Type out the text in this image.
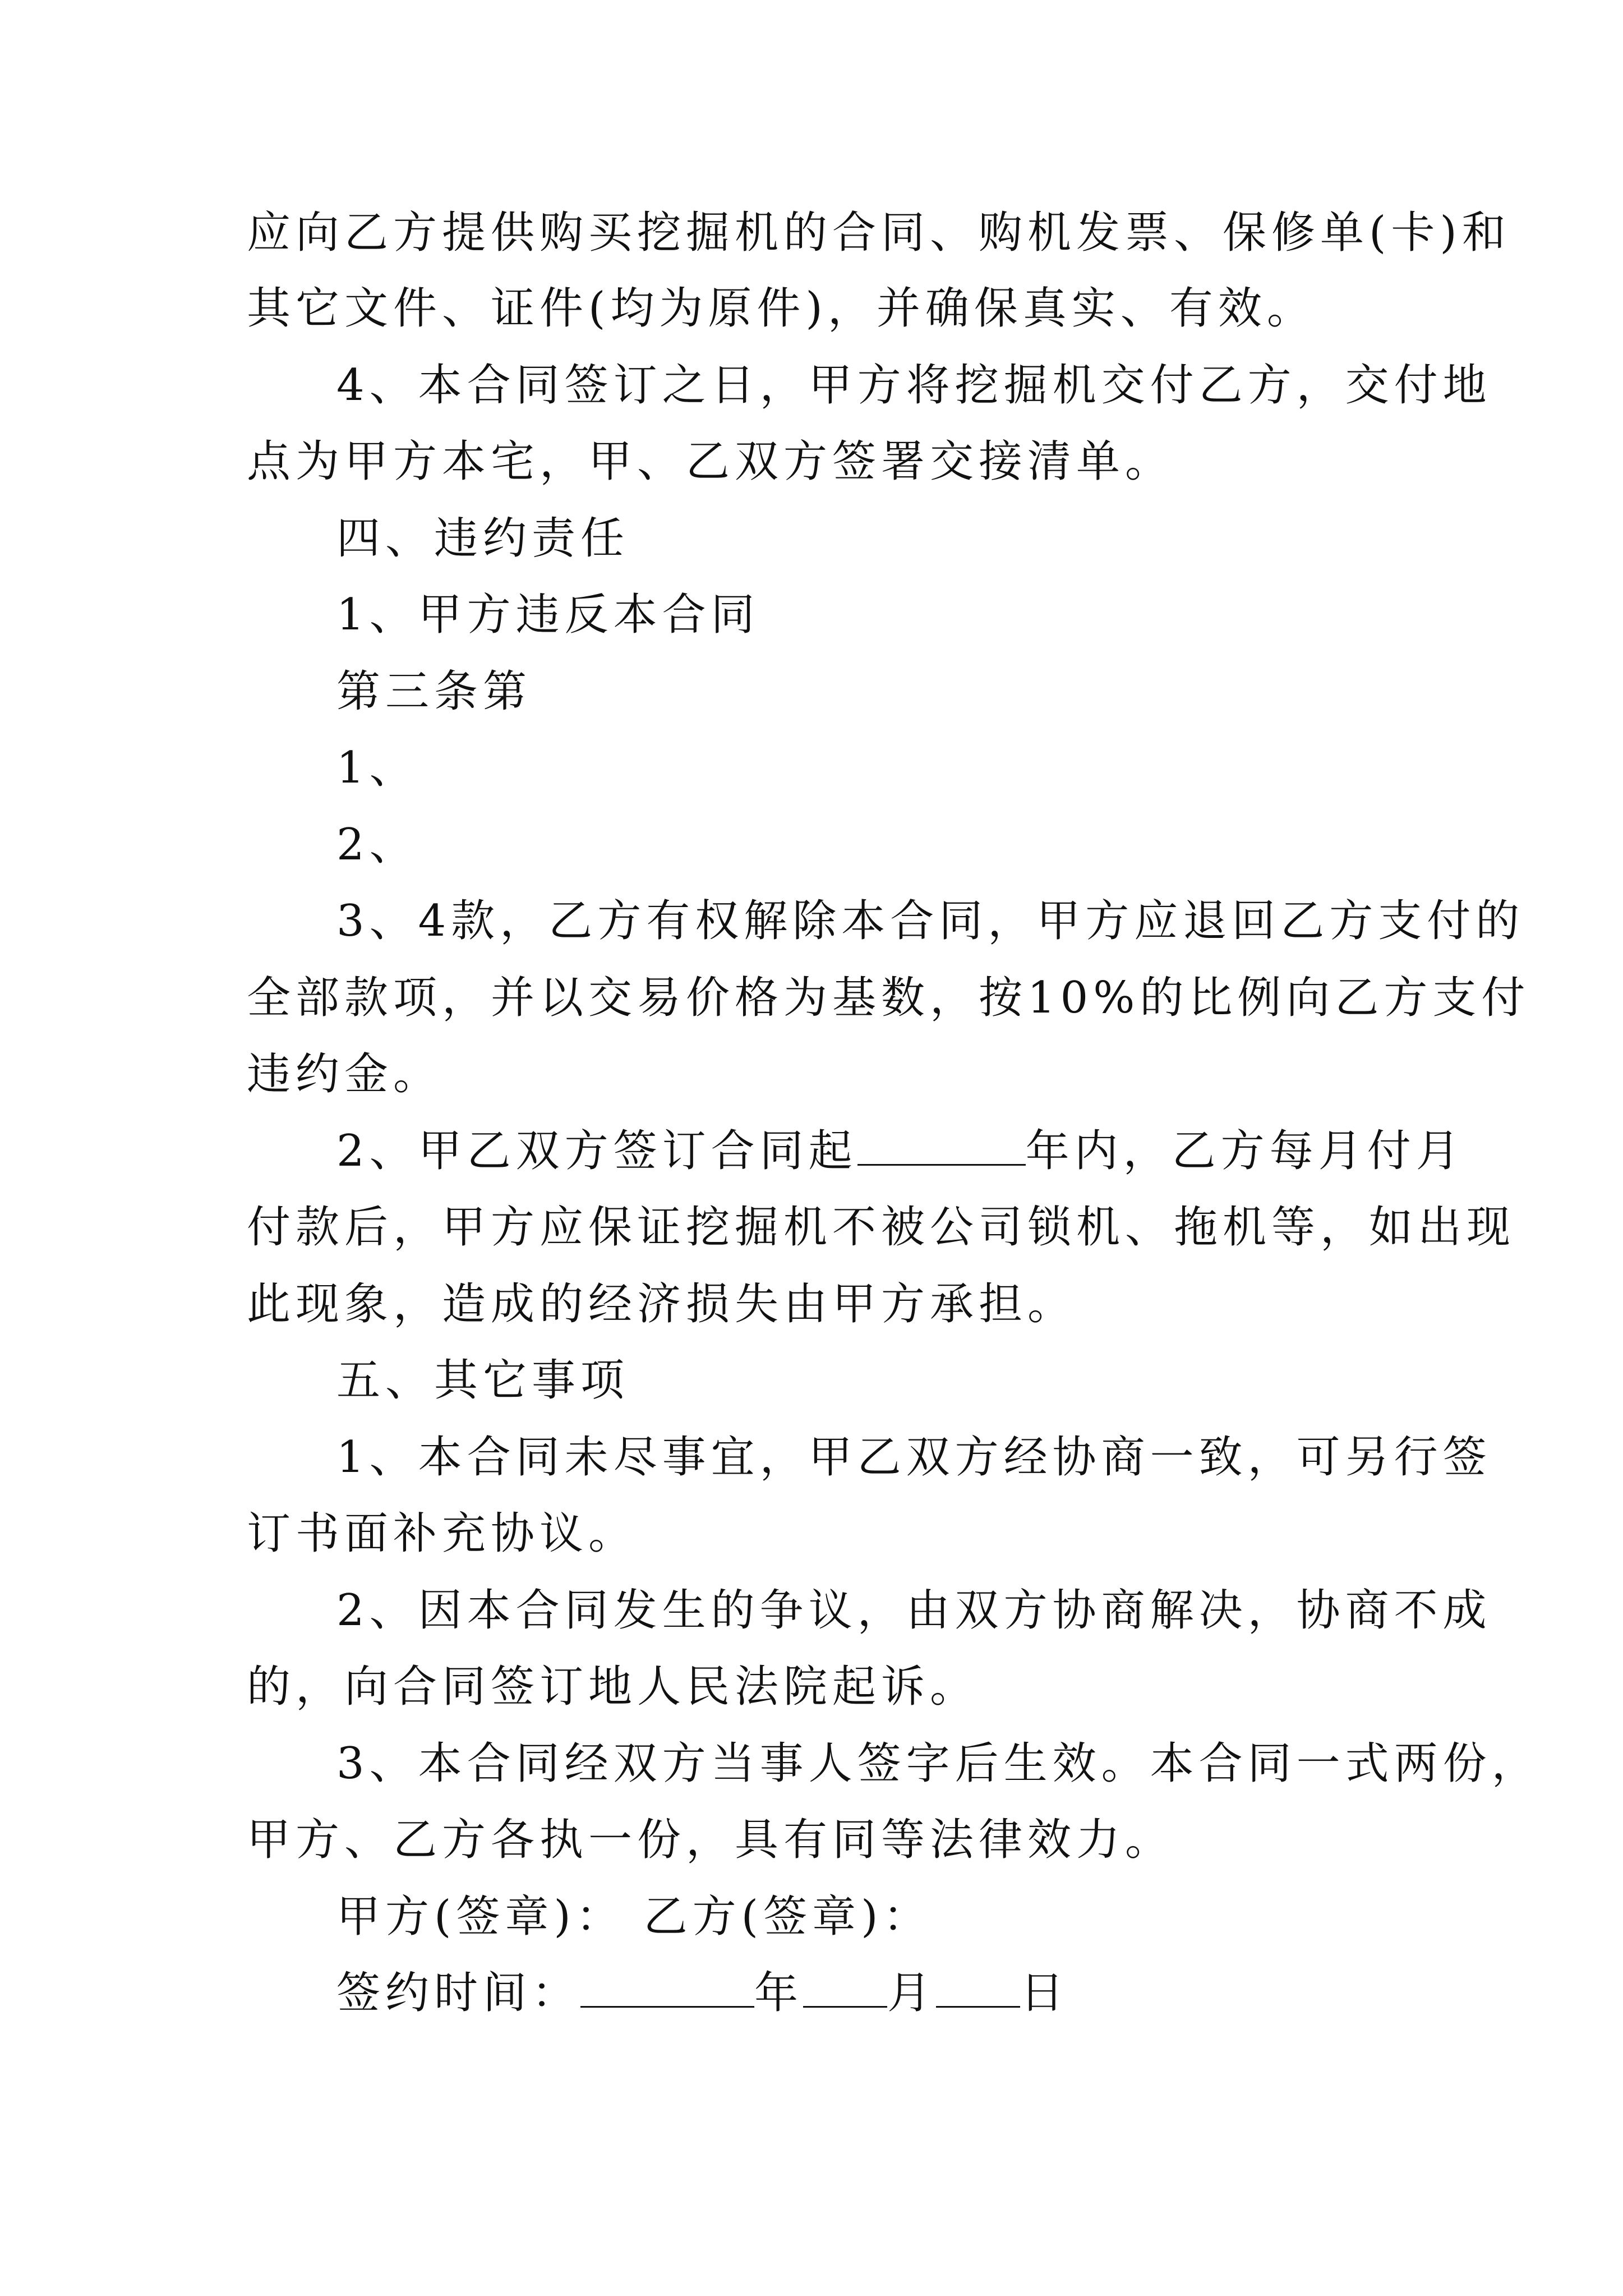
应向乙方提供购买挖掘机的合同、购机发票、保修单(卡)和
其它文件、证件(均为原件)，并确保真实、有效。
4、本合同签订之日，甲方将挖掘机交付乙方，交付地
点为甲方本宅，甲、乙双方签署交接清单。
四、违约责任
1、甲方违反本合同
第三条第
1、
2、
3、4款，乙方有权解除本合同，甲方应退回乙方支付的
全部款项，并以交易价格为基数，按10%的比例向乙方支付
违约金。
2、甲乙双方签订合同起	年内，乙方每月付月
付款后，甲方应保证挖掘机不被公司锁机、拖机等，如出现
此现象，造成的经济损失由甲方承担。
五、其它事项
1、本合同未尽事宜，甲乙双方经协商一致，可另行签
订书面补充协议。
2、因本合同发生的争议，由双方协商解决，协商不成
的，向合同签订地人民法院起诉。
3、本合同经双方当事人签字后生效。本合同一式两份，
甲方、乙方各执一份，具有同等法律效力。
甲方(签章)： 乙方(签章)：
签约时间：	年 月 日
